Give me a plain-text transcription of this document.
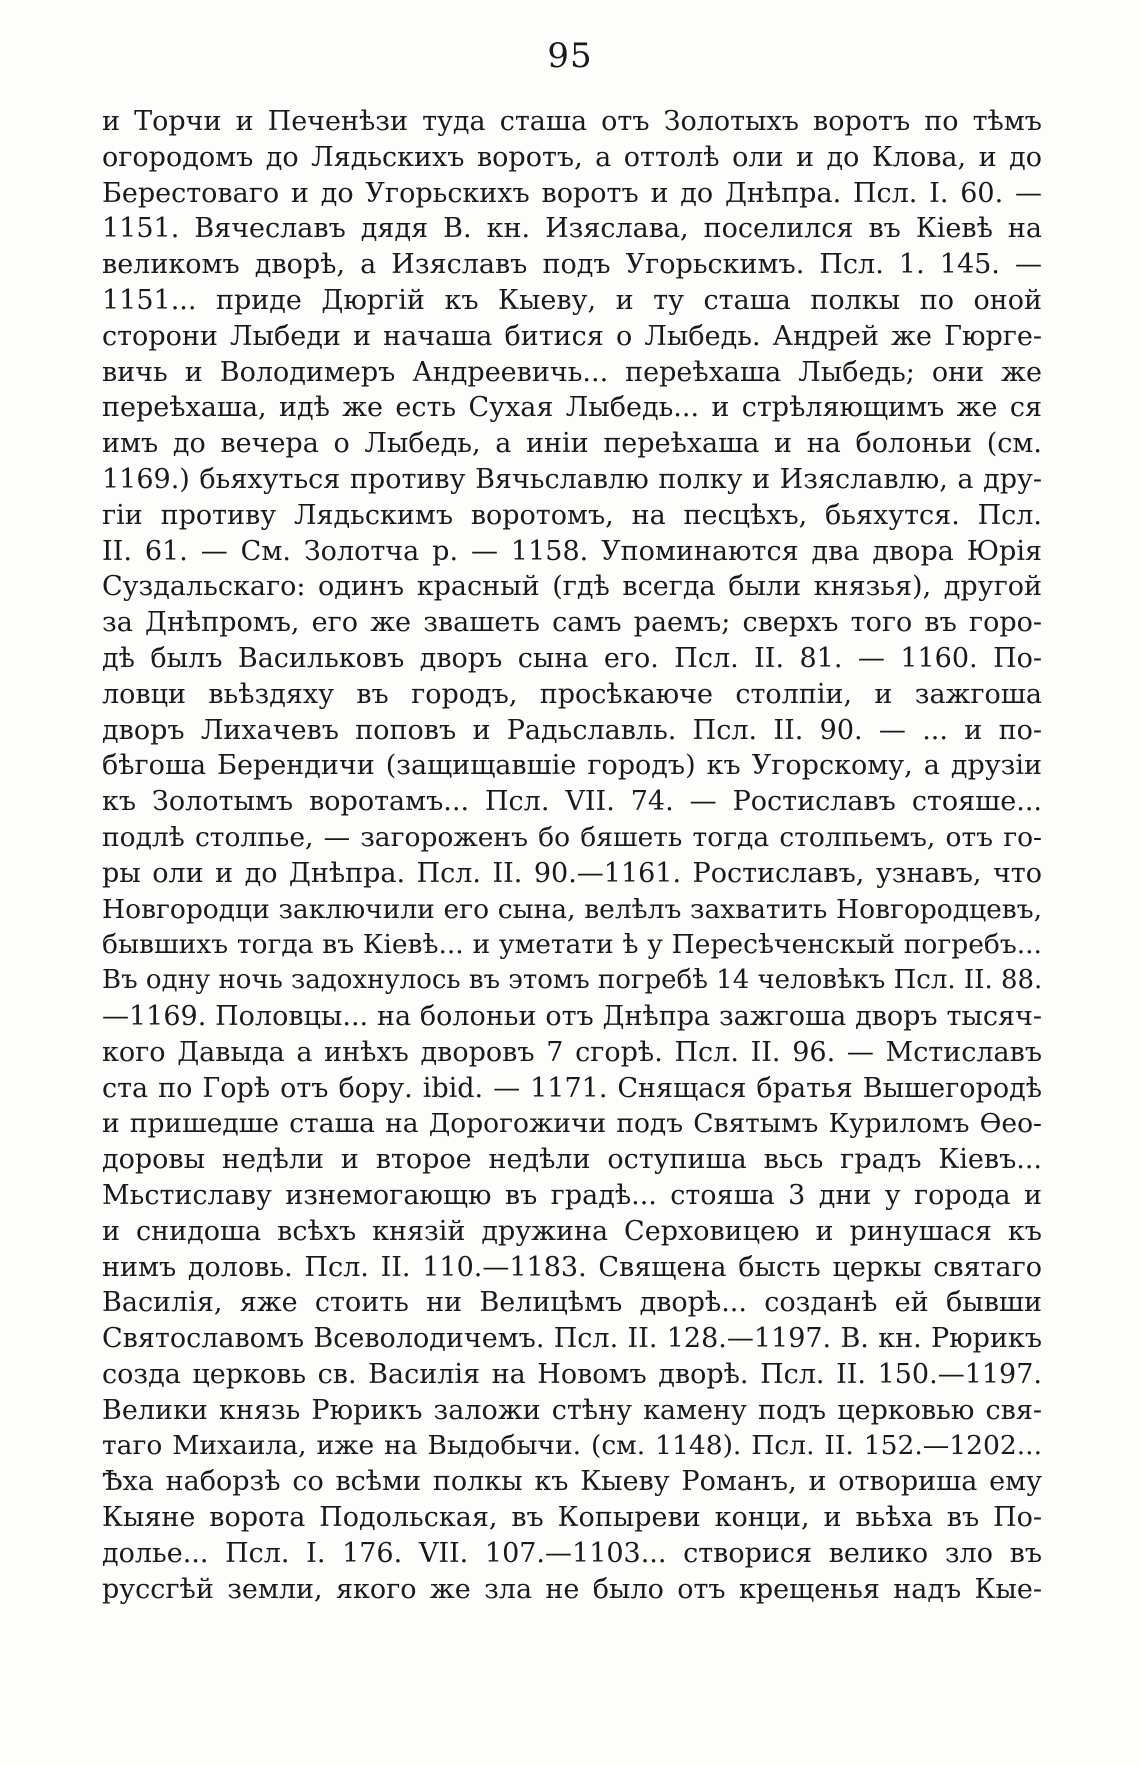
95
и Торчи и Печенѣзи туда сташа отъ Золотыхъ воротъ по тѣмъ
огородомъ до Лядьскихъ воротъ, а оттолѣ оли и до Клова, и до
Берестоваго и до Угорьскихъ воротъ и до Днѣпра. Псл. I. 60. —
1151. Вячеславъ дядя В. кн. Изяслава, поселился въ Кіевѣ на
великомъ дворѣ, а Изяславъ подъ Угорьскимъ. Псл. 1. 145. —
1151... приде Дюргій къ Кыеву, и ту сташа полкы по оной
сторони Лыбеди и начаша битися о Лыбедь. Андрей же Гюрге-
вичь и Володимеръ Андреевичь... переѣхаша Лыбедь; они же
переѣхаша, идѣ же есть Сухая Лыбедь... и стрѣляющимъ же ся
имъ до вечера о Лыбедь, а иніи переѣхаша и на болоньи (см.
1169.) бьяхуться противу Вячьславлю полку и Изяславлю, а дру-
гіи противу Лядьскимъ воротомъ, на песцѣхъ, бьяхутся. Псл.
II. 61. — См. Золотча р. — 1158. Упоминаются два двора Юрія
Суздальскаго: одинъ красный (гдѣ всегда были князья), другой
за Днѣпромъ, его же звашеть самъ раемъ; сверхъ того въ горо-
дѣ былъ Васильковъ дворъ сына его. Псл. II. 81. — 1160. По-
ловци вьѣздяху въ городъ, просѣкаюче столпіи, и зажгоша
дворъ Лихачевъ поповъ и Радьславль. Псл. II. 90. — ... и по-
бѣгоша Берендичи (защищавшіе городъ) къ Угорскому, а друзіи
къ Золотымъ воротамъ... Псл. VII. 74. — Ростиславъ стояше...
подлѣ столпье, — загороженъ бо бяшеть тогда столпьемъ, отъ го-
ры оли и до Днѣпра. Псл. II. 90.—1161. Ростиславъ, узнавъ, что
Новгородци заключили его сына, велѣлъ захватить Новгородцевъ,
бывшихъ тогда въ Кіевѣ... и уметати ѣ у Пересѣченскый погребъ...
Въ одну ночь задохнулось въ этомъ погребѣ 14 человѣкъ Псл. II. 88.
—1169. Половцы... на болоньи отъ Днѣпра зажгоша дворъ тысяч-
кого Давыда а инѣхъ дворовъ 7 сгорѣ. Псл. II. 96. — Мстиславъ
ста по Горѣ отъ бору. ibid. — 1171. Снящася братья Вышегородѣ
и пришедше сташа на Дорогожичи подъ Святымъ Куриломъ Ѳео-
доровы недѣли и второе недѣли оступиша вьсь градъ Кіевъ...
Мьстиславу изнемогающю въ градѣ... стояша 3 дни у города и
и снидоша всѣхъ князій дружина Серховицею и ринушася къ
нимъ доловь. Псл. II. 110.—1183. Священа бысть церкы святаго
Василія, яже стоить ни Велицѣмъ дворѣ... созданѣ ей бывши
Святославомъ Всеволодичемъ. Псл. II. 128.—1197. В. кн. Рюрикъ
созда церковь св. Василія на Новомъ дворѣ. Псл. II. 150.—1197.
Велики князь Рюрикъ заложи стѣну камену подъ церковью свя-
таго Михаила, иже на Выдобычи. (см. 1148). Псл. II. 152.—1202...
Ѣха наборзѣ со всѣми полкы къ Кыеву Романъ, и отвориша ему
Кыяне ворота Подольская, въ Копыреви конци, и вьѣха въ По-
долье... Псл. I. 176. VII. 107.—1103... створися велико зло въ
руссгѣй земли, якого же зла не было отъ крещенья надъ Кые-
